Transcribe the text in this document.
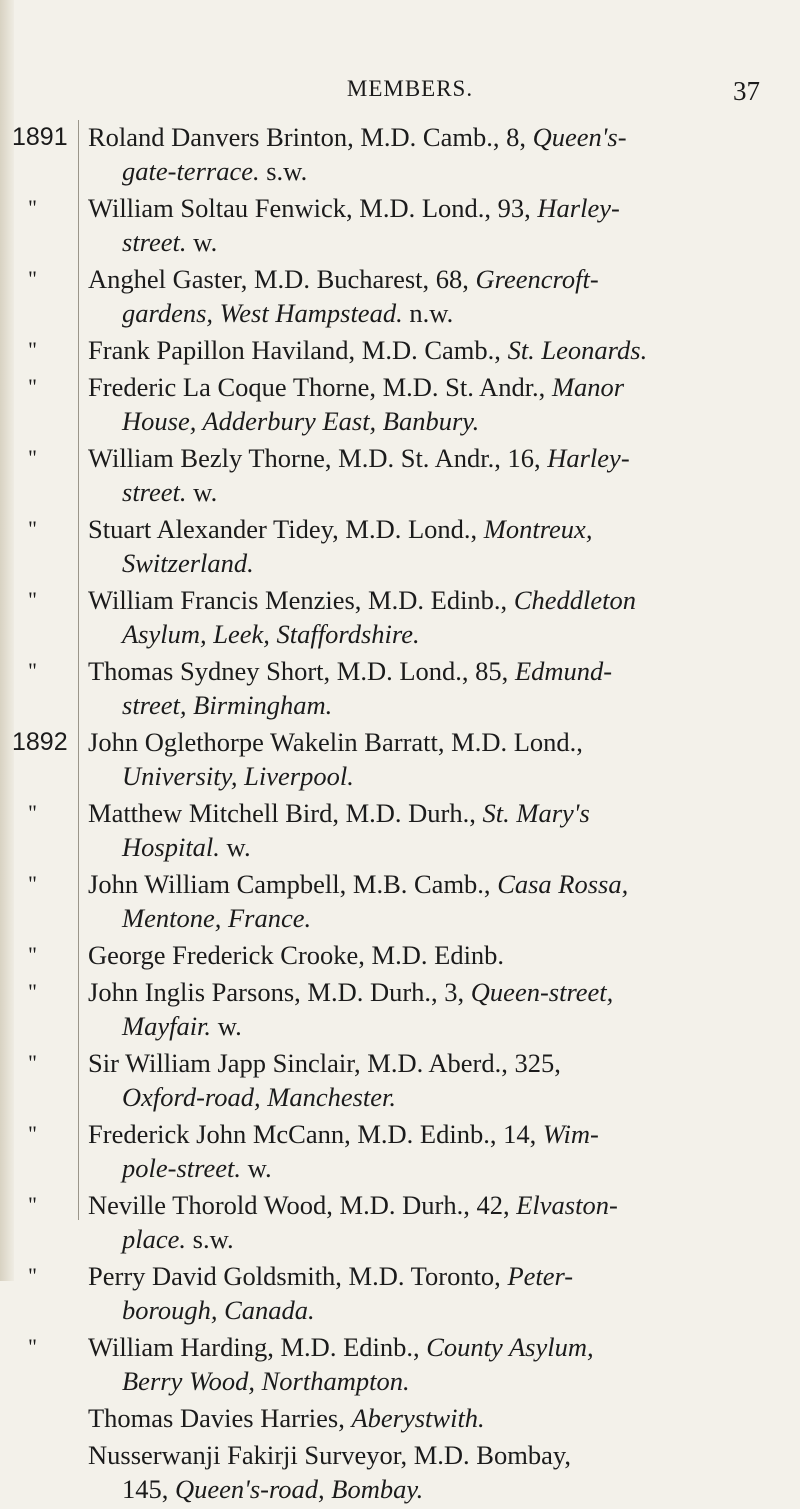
MEMBERS.	37
1891 Roland Danvers Brinton, M.D. Camb., 8, Queen's-
gate-terrace. s.w.
"	William Soltau Fenwick, M.D. Lond., 93, Harley-
street. w.
"	Anghel Gaster, M.D. Bucharest, 68, Greencroft-
gardens, West Hampstead. n.w.
"	Frank Papillon Haviland, M.D. Camb., St. Leonards.
"	Frederic La Coque Thorne, M.D. St. Andr., Manor
House, Adderbury East, Banbury.
"	William Bezly Thorne, M.D. St. Andr., 16, Harley-
street. w.
"	Stuart Alexander Tidey, M.D. Lond., Montreux,
Switzerland.
"	William Francis Menzies, M.D. Edinb., Cheddleton
Asylum, Leek, Staffordshire.
"	Thomas Sydney Short, M.D. Lond., 85, Edmund-
street, Birmingham.
1892 John Oglethorpe Wakelin Barratt, M.D. Lond.,
University, Liverpool.
"	Matthew Mitchell Bird, M.D. Durh., St. Mary's
Hospital. w.
"	John William Campbell, M.B. Camb., Casa Rossa,
Mentone, France.
"	George Frederick Crooke, M.D. Edinb.
"	John Inglis Parsons, M.D. Durh., 3, Queen-street,
Mayfair. w.
"	Sir William Japp Sinclair, M.D. Aberd., 325,
Oxford-road, Manchester.
"	Frederick John McCann, M.D. Edinb., 14, Wim-
pole-street. w.
"	Neville Thorold Wood, M.D. Durh., 42, Elvaston-
place. s.w.
"	Perry David Goldsmith, M.D. Toronto, Peter-
borough, Canada.
"	William Harding, M.D. Edinb., County Asylum,
Berry Wood, Northampton.
Thomas Davies Harries, Aberystwith.
Nusserwanji Fakirji Surveyor, M.D. Bombay,
145, Queen's-road, Bombay.
